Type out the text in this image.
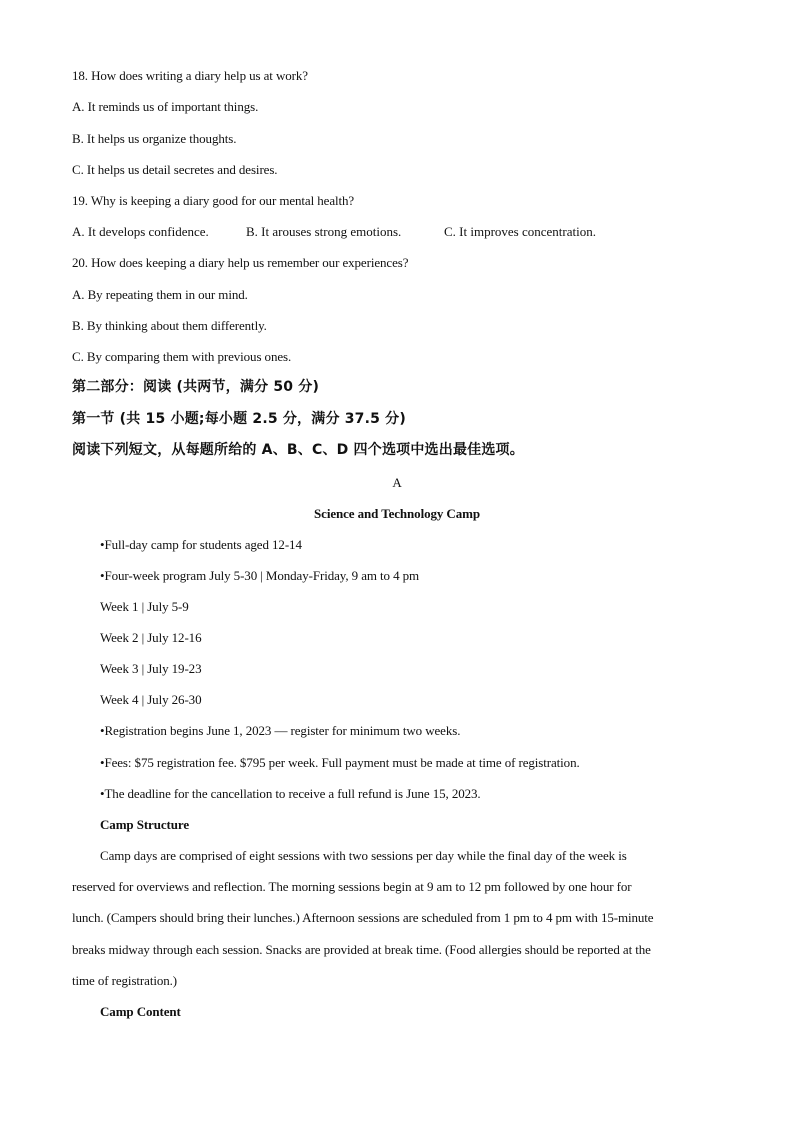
18. How does writing a diary help us at work?
A. It reminds us of important things.
B. It helps us organize thoughts.
C. It helps us detail secretes and desires.
19. Why is keeping a diary good for our mental health?
A. It develops confidence.	B. It arouses strong emotions.	C. It improves concentration.
20. How does keeping a diary help us remember our experiences?
A. By repeating them in our mind.
B. By thinking about them differently.
C. By comparing them with previous ones.
第二部分：阅读 (共两节，满分 50 分)
第一节 (共 15 小题;每小题 2.5 分，满分 37.5 分)
阅读下列短文，从每题所给的 A、B、C、D 四个选项中选出最佳选项。
A
Science and Technology Camp
•Full-day camp for students aged 12-14
•Four-week program July 5-30 | Monday-Friday, 9 am to 4 pm
Week 1 | July 5-9
Week 2 | July 12-16
Week 3 | July 19-23
Week 4 | July 26-30
•Registration begins June 1, 2023 — register for minimum two weeks.
•Fees: $75 registration fee. $795 per week. Full payment must be made at time of registration.
•The deadline for the cancellation to receive a full refund is June 15, 2023.
Camp Structure
Camp days are comprised of eight sessions with two sessions per day while the final day of the week is
reserved for overviews and reflection. The morning sessions begin at 9 am to 12 pm followed by one hour for
lunch. (Campers should bring their lunches.) Afternoon sessions are scheduled from 1 pm to 4 pm with 15-minute
breaks midway through each session. Snacks are provided at break time. (Food allergies should be reported at the
time of registration.)
Camp Content
